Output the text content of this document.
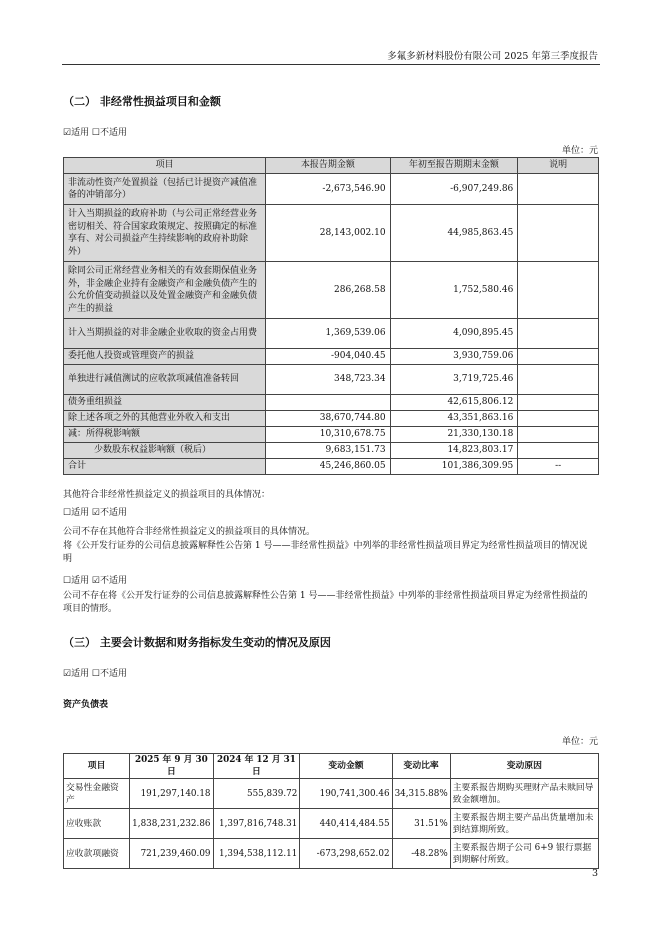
多氟多新材料股份有限公司 2025 年第三季度报告
（二） 非经常性损益项目和金额
☑适用 ☐不适用
单位：元
项目	本报告期金额	年初至报告期期末金额	说明
非流动性资产处置损益（包括已计提资产减值准备的冲销部分）	-2,673,546.90	-6,907,249.86	
计入当期损益的政府补助（与公司正常经营业务密切相关、符合国家政策规定、按照确定的标准享有、对公司损益产生持续影响的政府补助除外）	28,143,002.10	44,985,863.45	
除同公司正常经营业务相关的有效套期保值业务外，非金融企业持有金融资产和金融负债产生的公允价值变动损益以及处置金融资产和金融负债产生的损益	286,268.58	1,752,580.46	
计入当期损益的对非金融企业收取的资金占用费	1,369,539.06	4,090,895.45	
委托他人投资或管理资产的损益	-904,040.45	3,930,759.06	
单独进行减值测试的应收款项减值准备转回	348,723.34	3,719,725.46	
债务重组损益		42,615,806.12	
除上述各项之外的其他营业外收入和支出	38,670,744.80	43,351,863.16	
减：所得税影响额	10,310,678.75	21,330,130.18	
少数股东权益影响额（税后）	9,683,151.73	14,823,803.17	
合计	45,246,860.05	101,386,309.95	--
其他符合非经常性损益定义的损益项目的具体情况：
☐适用 ☑不适用
公司不存在其他符合非经常性损益定义的损益项目的具体情况。
将《公开发行证券的公司信息披露解释性公告第 1 号——非经常性损益》中列举的非经常性损益项目界定为经常性损益项目的情况说明
☐适用 ☑不适用
公司不存在将《公开发行证券的公司信息披露解释性公告第 1 号——非经常性损益》中列举的非经常性损益项目界定为经常性损益的项目的情形。
（三） 主要会计数据和财务指标发生变动的情况及原因
☑适用 ☐不适用
资产负债表
单位：元
项目	2025 年 9 月 30 日	2024 年 12 月 31 日	变动金额	变动比率	变动原因
交易性金融资产	191,297,140.18	555,839.72	190,741,300.46	34,315.88%	主要系报告期购买理财产品未赎回导致金额增加。
应收账款	1,838,231,232.86	1,397,816,748.31	440,414,484.55	31.51%	主要系报告期主要产品出货量增加未到结算期所致。
应收款项融资	721,239,460.09	1,394,538,112.11	-673,298,652.02	-48.28%	主要系报告期子公司 6+9 银行票据到期解付所致。
3
